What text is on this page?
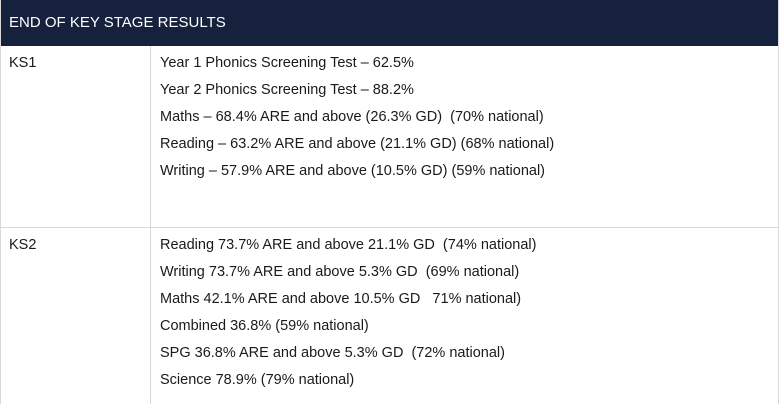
END OF KEY STAGE RESULTS
KS1	Year 1 Phonics Screening Test – 62.5%
Year 2 Phonics Screening Test – 88.2%
Maths – 68.4% ARE and above (26.3% GD)  (70% national)
Reading – 63.2% ARE and above (21.1% GD) (68% national)
Writing – 57.9% ARE and above (10.5% GD) (59% national)
KS2	Reading 73.7% ARE and above 21.1% GD  (74% national)
Writing 73.7% ARE and above 5.3% GD  (69% national)
Maths 42.1% ARE and above 10.5% GD   71% national)
Combined 36.8% (59% national)
SPG 36.8% ARE and above 5.3% GD  (72% national)
Science 78.9% (79% national)
